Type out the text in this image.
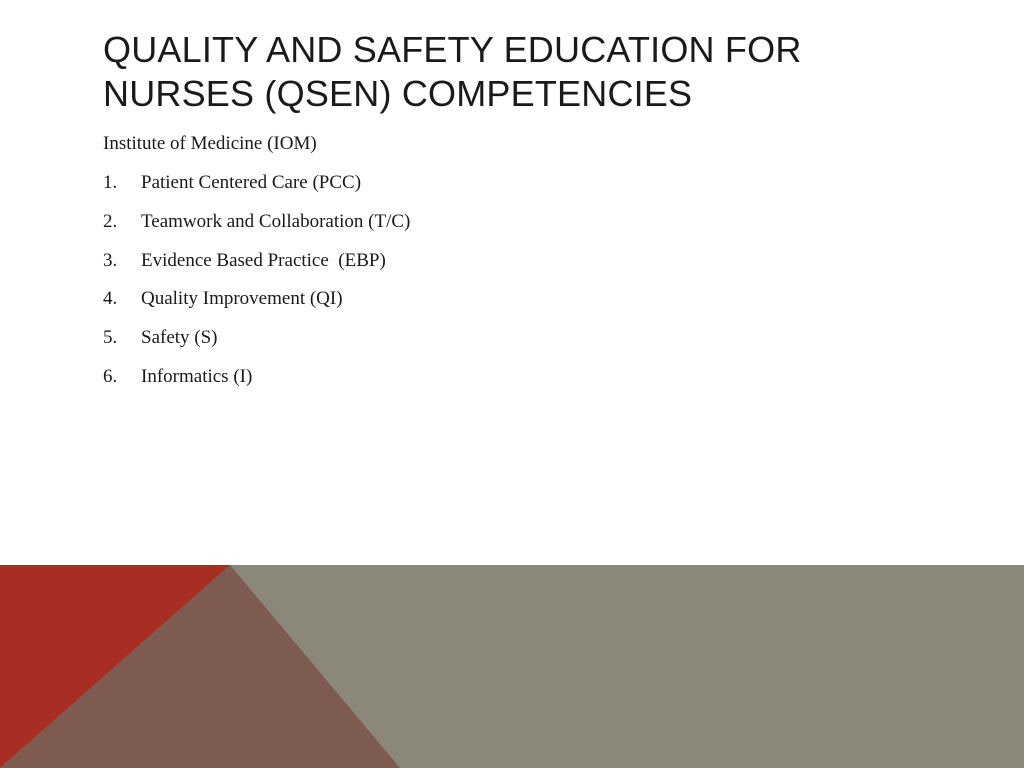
QUALITY AND SAFETY EDUCATION FOR
NURSES (QSEN) COMPETENCIES

Institute of Medicine (IOM)

1.	Patient Centered Care (PCC)
2.	Teamwork and Collaboration (T/C)
3.	Evidence Based Practice  (EBP)
4.	Quality Improvement (QI)
5.	Safety (S)
6.	Informatics (I)
